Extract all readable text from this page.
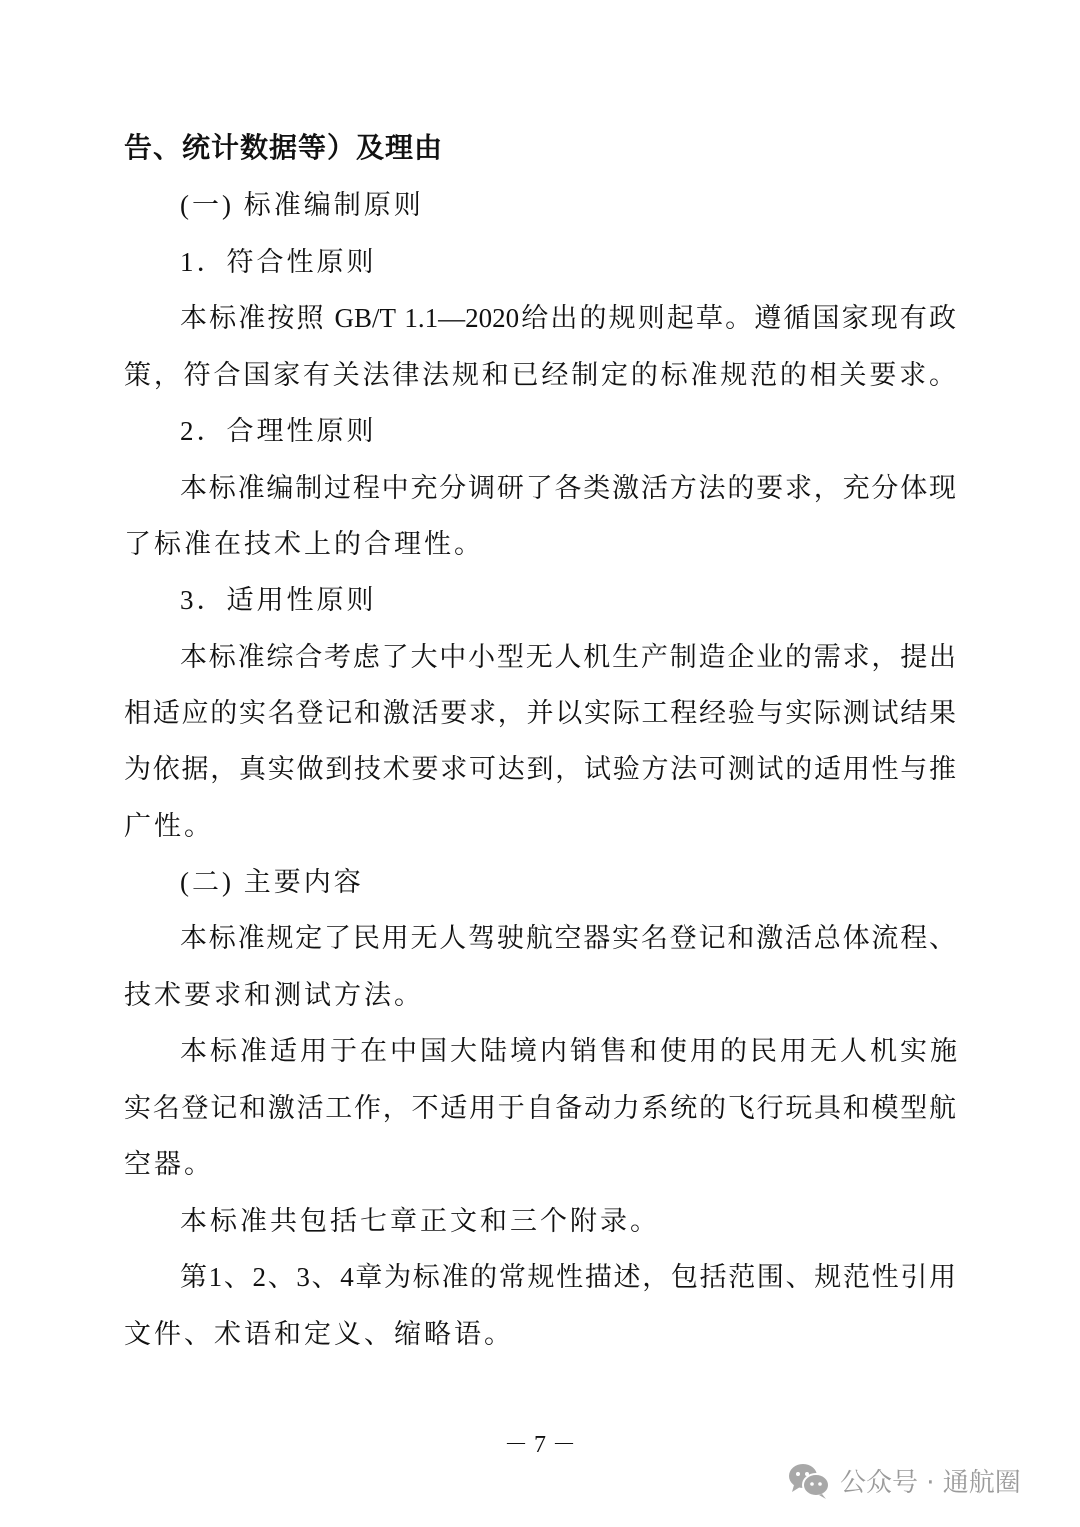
告、统计数据等）及理由
(一) 标准编制原则
1．符合性原则
本标准按照 GB/T 1.1—2020给出的规则起草。遵循国家现有政
策，符合国家有关法律法规和已经制定的标准规范的相关要求。
2．合理性原则
本标准编制过程中充分调研了各类激活方法的要求，充分体现
了标准在技术上的合理性。
3．适用性原则
本标准综合考虑了大中小型无人机生产制造企业的需求，提出
相适应的实名登记和激活要求，并以实际工程经验与实际测试结果
为依据，真实做到技术要求可达到，试验方法可测试的适用性与推
广性。
(二) 主要内容
本标准规定了民用无人驾驶航空器实名登记和激活总体流程、
技术要求和测试方法。
本标准适用于在中国大陆境内销售和使用的民用无人机实施
实名登记和激活工作，不适用于自备动力系统的飞行玩具和模型航
空器。
本标准共包括七章正文和三个附录。
第1、2、3、4章为标准的常规性描述，包括范围、规范性引用
文件、术语和定义、缩略语。
－ 7 －
公众号 · 通航圈
